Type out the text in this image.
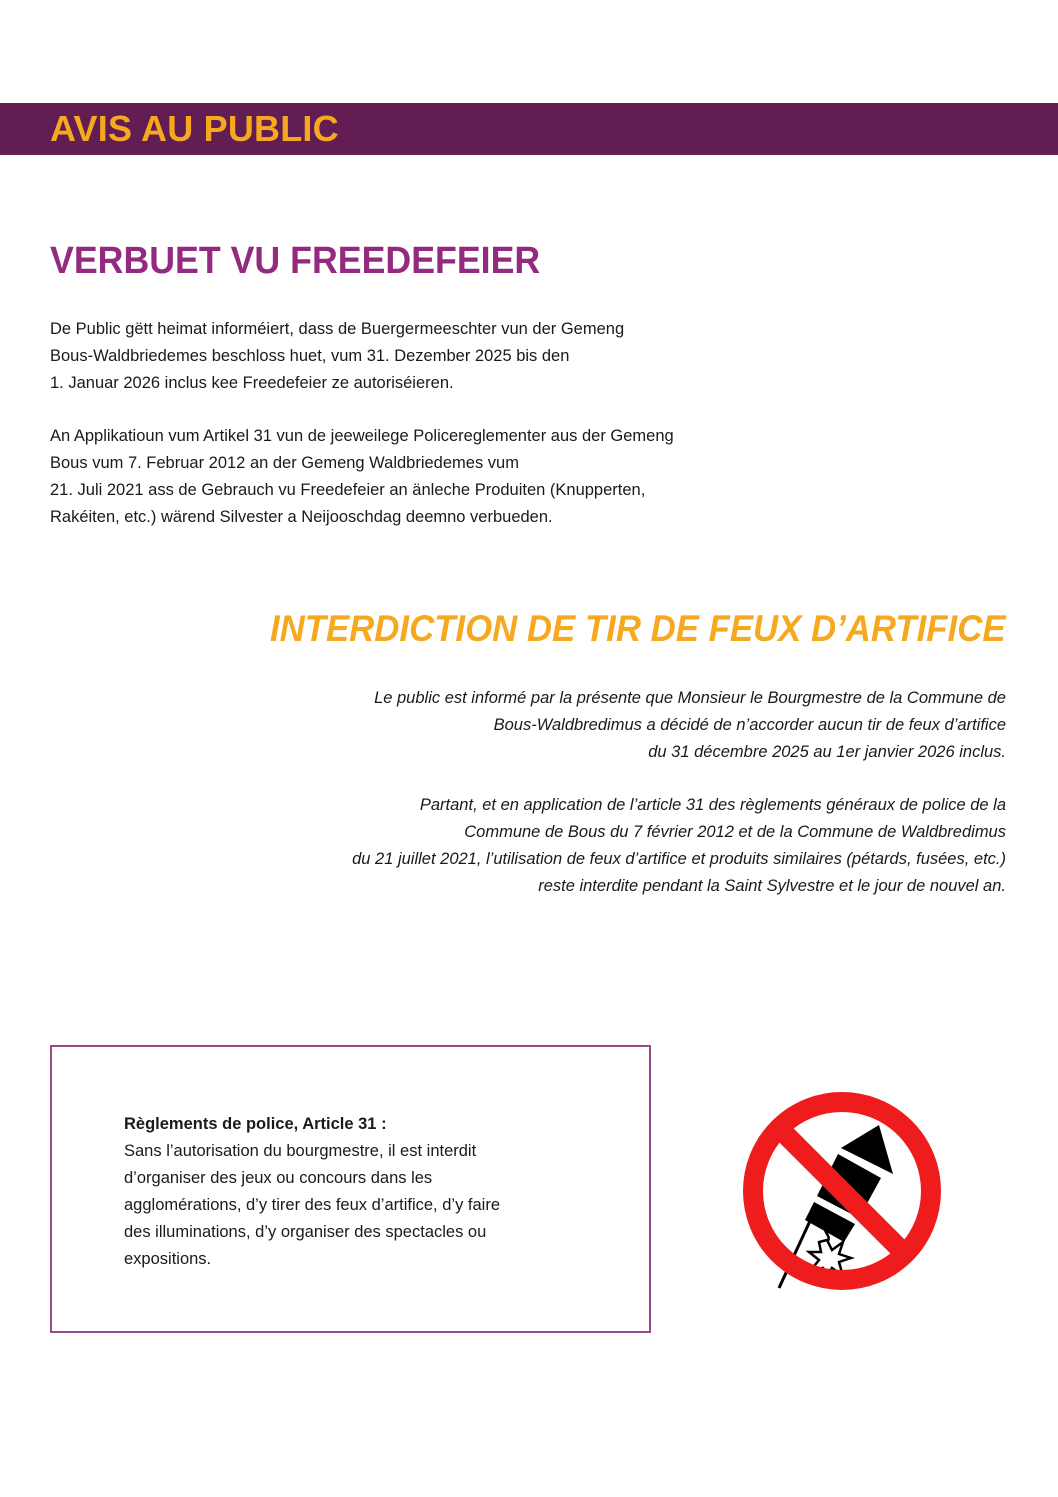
AVIS AU PUBLIC
VERBUET VU FREEDEFEIER
De Public gëtt heimat informéiert, dass de Buergermeeschter vun der Gemeng
Bous-Waldbriedemes beschloss huet, vum 31. Dezember 2025 bis den
1. Januar 2026 inclus kee Freedefeier ze autoriséieren.
An Applikatioun vum Artikel 31 vun de jeeweilege Policereglementer aus der Gemeng
Bous vum 7. Februar 2012 an der Gemeng Waldbriedemes vum
21. Juli 2021 ass de Gebrauch vu Freedefeier an änleche Produiten (Knupperten,
Rakéiten, etc.) wärend Silvester a Neijooschdag deemno verbueden.
INTERDICTION DE TIR DE FEUX D’ARTIFICE
Le public est informé par la présente que Monsieur le Bourgmestre de la Commune de
Bous-Waldbredimus a décidé de n’accorder aucun tir de feux d’artifice
du 31 décembre 2025 au 1er janvier 2026 inclus.
Partant, et en application de l’article 31 des règlements généraux de police de la
Commune de Bous du 7 février 2012 et de la Commune de Waldbredimus
du 21 juillet 2021, l’utilisation de feux d’artifice et produits similaires (pétards, fusées, etc.)
reste interdite pendant la Saint Sylvestre et le jour de nouvel an.
Règlements de police, Article 31 :
Sans l’autorisation du bourgmestre, il est interdit
d’organiser des jeux ou concours dans les
agglomérations, d’y tirer des feux d’artifice, d’y faire
des illuminations, d’y organiser des spectacles ou
expositions.
